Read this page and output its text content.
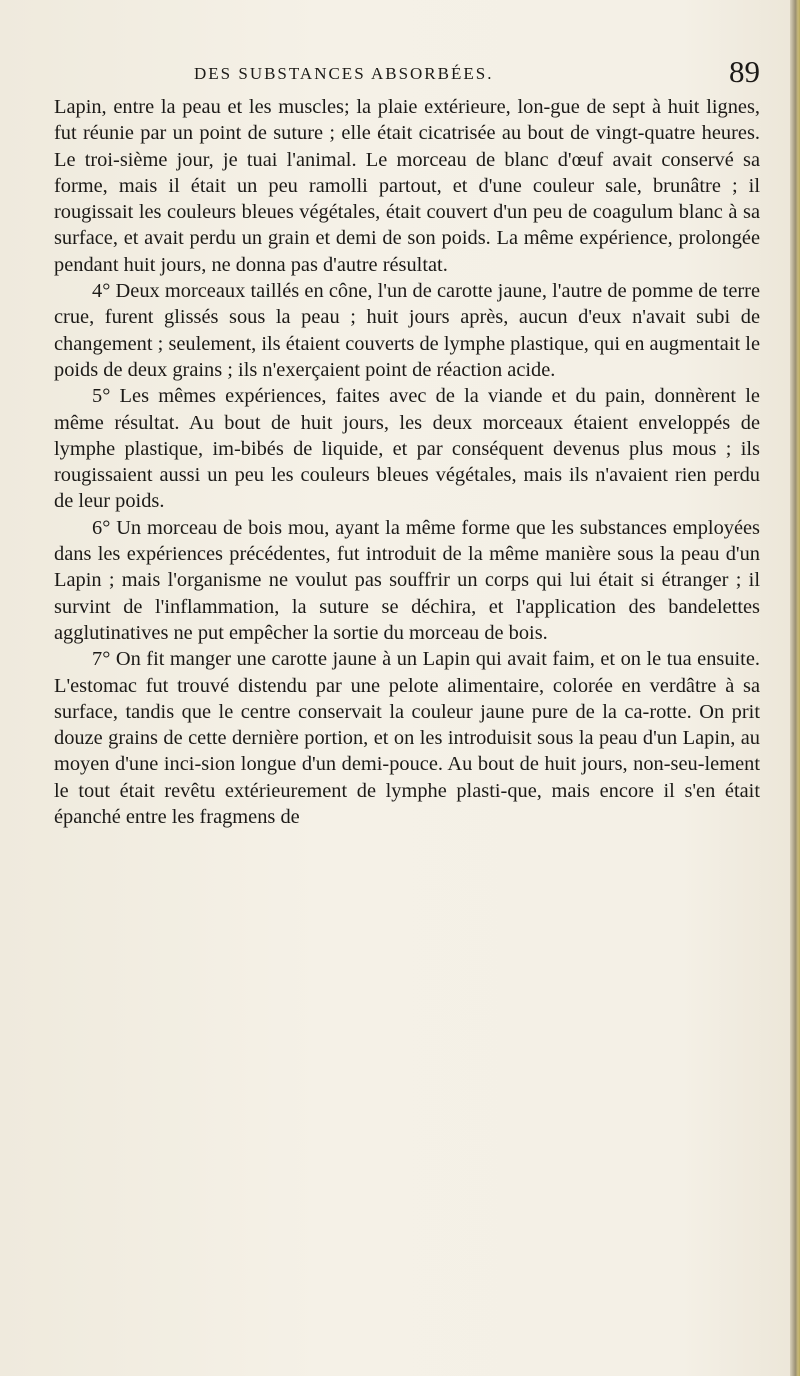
DES SUBSTANCES ABSORBÉES.	89

Lapin, entre la peau et les muscles; la plaie extérieure, lon-gue de sept à huit lignes, fut réunie par un point de suture ; elle était cicatrisée au bout de vingt-quatre heures. Le troi-sième jour, je tuai l'animal. Le morceau de blanc d'œuf avait conservé sa forme, mais il était un peu ramolli partout, et d'une couleur sale, brunâtre ; il rougissait les couleurs bleues végétales, était couvert d'un peu de coagulum blanc à sa surface, et avait perdu un grain et demi de son poids. La même expérience, prolongée pendant huit jours, ne donna pas d'autre résultat.

4° Deux morceaux taillés en cône, l'un de carotte jaune, l'autre de pomme de terre crue, furent glissés sous la peau ; huit jours après, aucun d'eux n'avait subi de changement ; seulement, ils étaient couverts de lymphe plastique, qui en augmentait le poids de deux grains ; ils n'exerçaient point de réaction acide.

5° Les mêmes expériences, faites avec de la viande et du pain, donnèrent le même résultat. Au bout de huit jours, les deux morceaux étaient enveloppés de lymphe plastique, im-bibés de liquide, et par conséquent devenus plus mous ; ils rougissaient aussi un peu les couleurs bleues végétales, mais ils n'avaient rien perdu de leur poids.

6° Un morceau de bois mou, ayant la même forme que les substances employées dans les expériences précédentes, fut introduit de la même manière sous la peau d'un Lapin ; mais l'organisme ne voulut pas souffrir un corps qui lui était si étranger ; il survint de l'inflammation, la suture se déchira, et l'application des bandelettes agglutinatives ne put empêcher la sortie du morceau de bois.

7° On fit manger une carotte jaune à un Lapin qui avait faim, et on le tua ensuite. L'estomac fut trouvé distendu par une pelote alimentaire, colorée en verdâtre à sa surface, tandis que le centre conservait la couleur jaune pure de la ca-rotte. On prit douze grains de cette dernière portion, et on les introduisit sous la peau d'un Lapin, au moyen d'une inci-sion longue d'un demi-pouce. Au bout de huit jours, non-seu-lement le tout était revêtu extérieurement de lymphe plasti-que, mais encore il s'en était épanché entre les fragmens de
